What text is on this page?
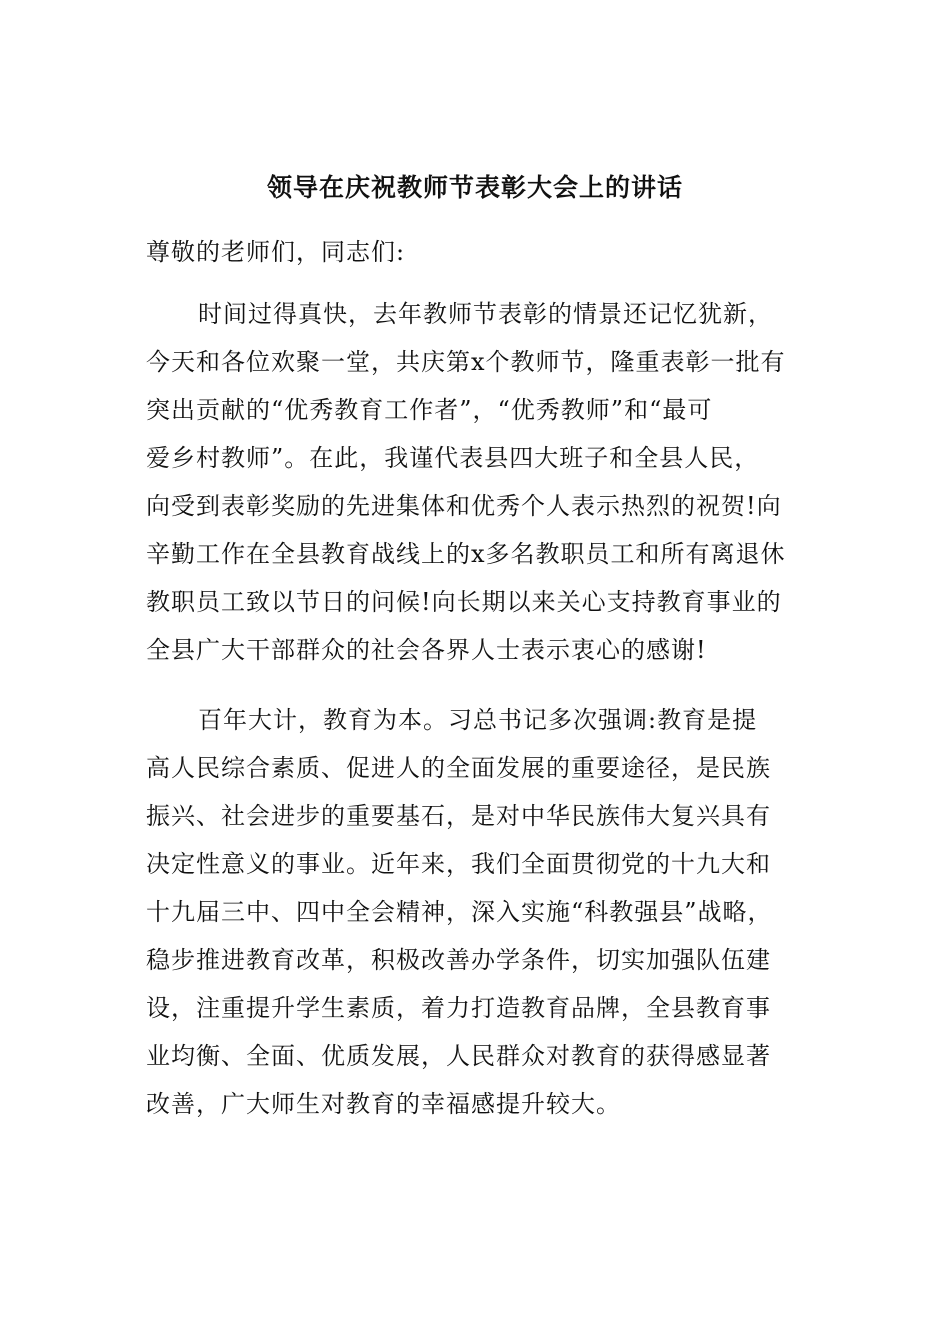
领导在庆祝教师节表彰大会上的讲话
尊敬的老师们，同志们:
时间过得真快，去年教师节表彰的情景还记忆犹新，
今天和各位欢聚一堂，共庆第x个教师节，隆重表彰一批有
突出贡献的“优秀教育工作者”，“优秀教师”和“最可
爱乡村教师”。在此，我谨代表县四大班子和全县人民，
向受到表彰奖励的先进集体和优秀个人表示热烈的祝贺!向
辛勤工作在全县教育战线上的x多名教职员工和所有离退休
教职员工致以节日的问候!向长期以来关心支持教育事业的
全县广大干部群众的社会各界人士表示衷心的感谢!
百年大计，教育为本。习总书记多次强调:教育是提
高人民综合素质、促进人的全面发展的重要途径，是民族
振兴、社会进步的重要基石，是对中华民族伟大复兴具有
决定性意义的事业。近年来，我们全面贯彻党的十九大和
十九届三中、四中全会精神，深入实施“科教强县”战略，
稳步推进教育改革，积极改善办学条件，切实加强队伍建
设，注重提升学生素质，着力打造教育品牌，全县教育事
业均衡、全面、优质发展，人民群众对教育的获得感显著
改善，广大师生对教育的幸福感提升较大。
